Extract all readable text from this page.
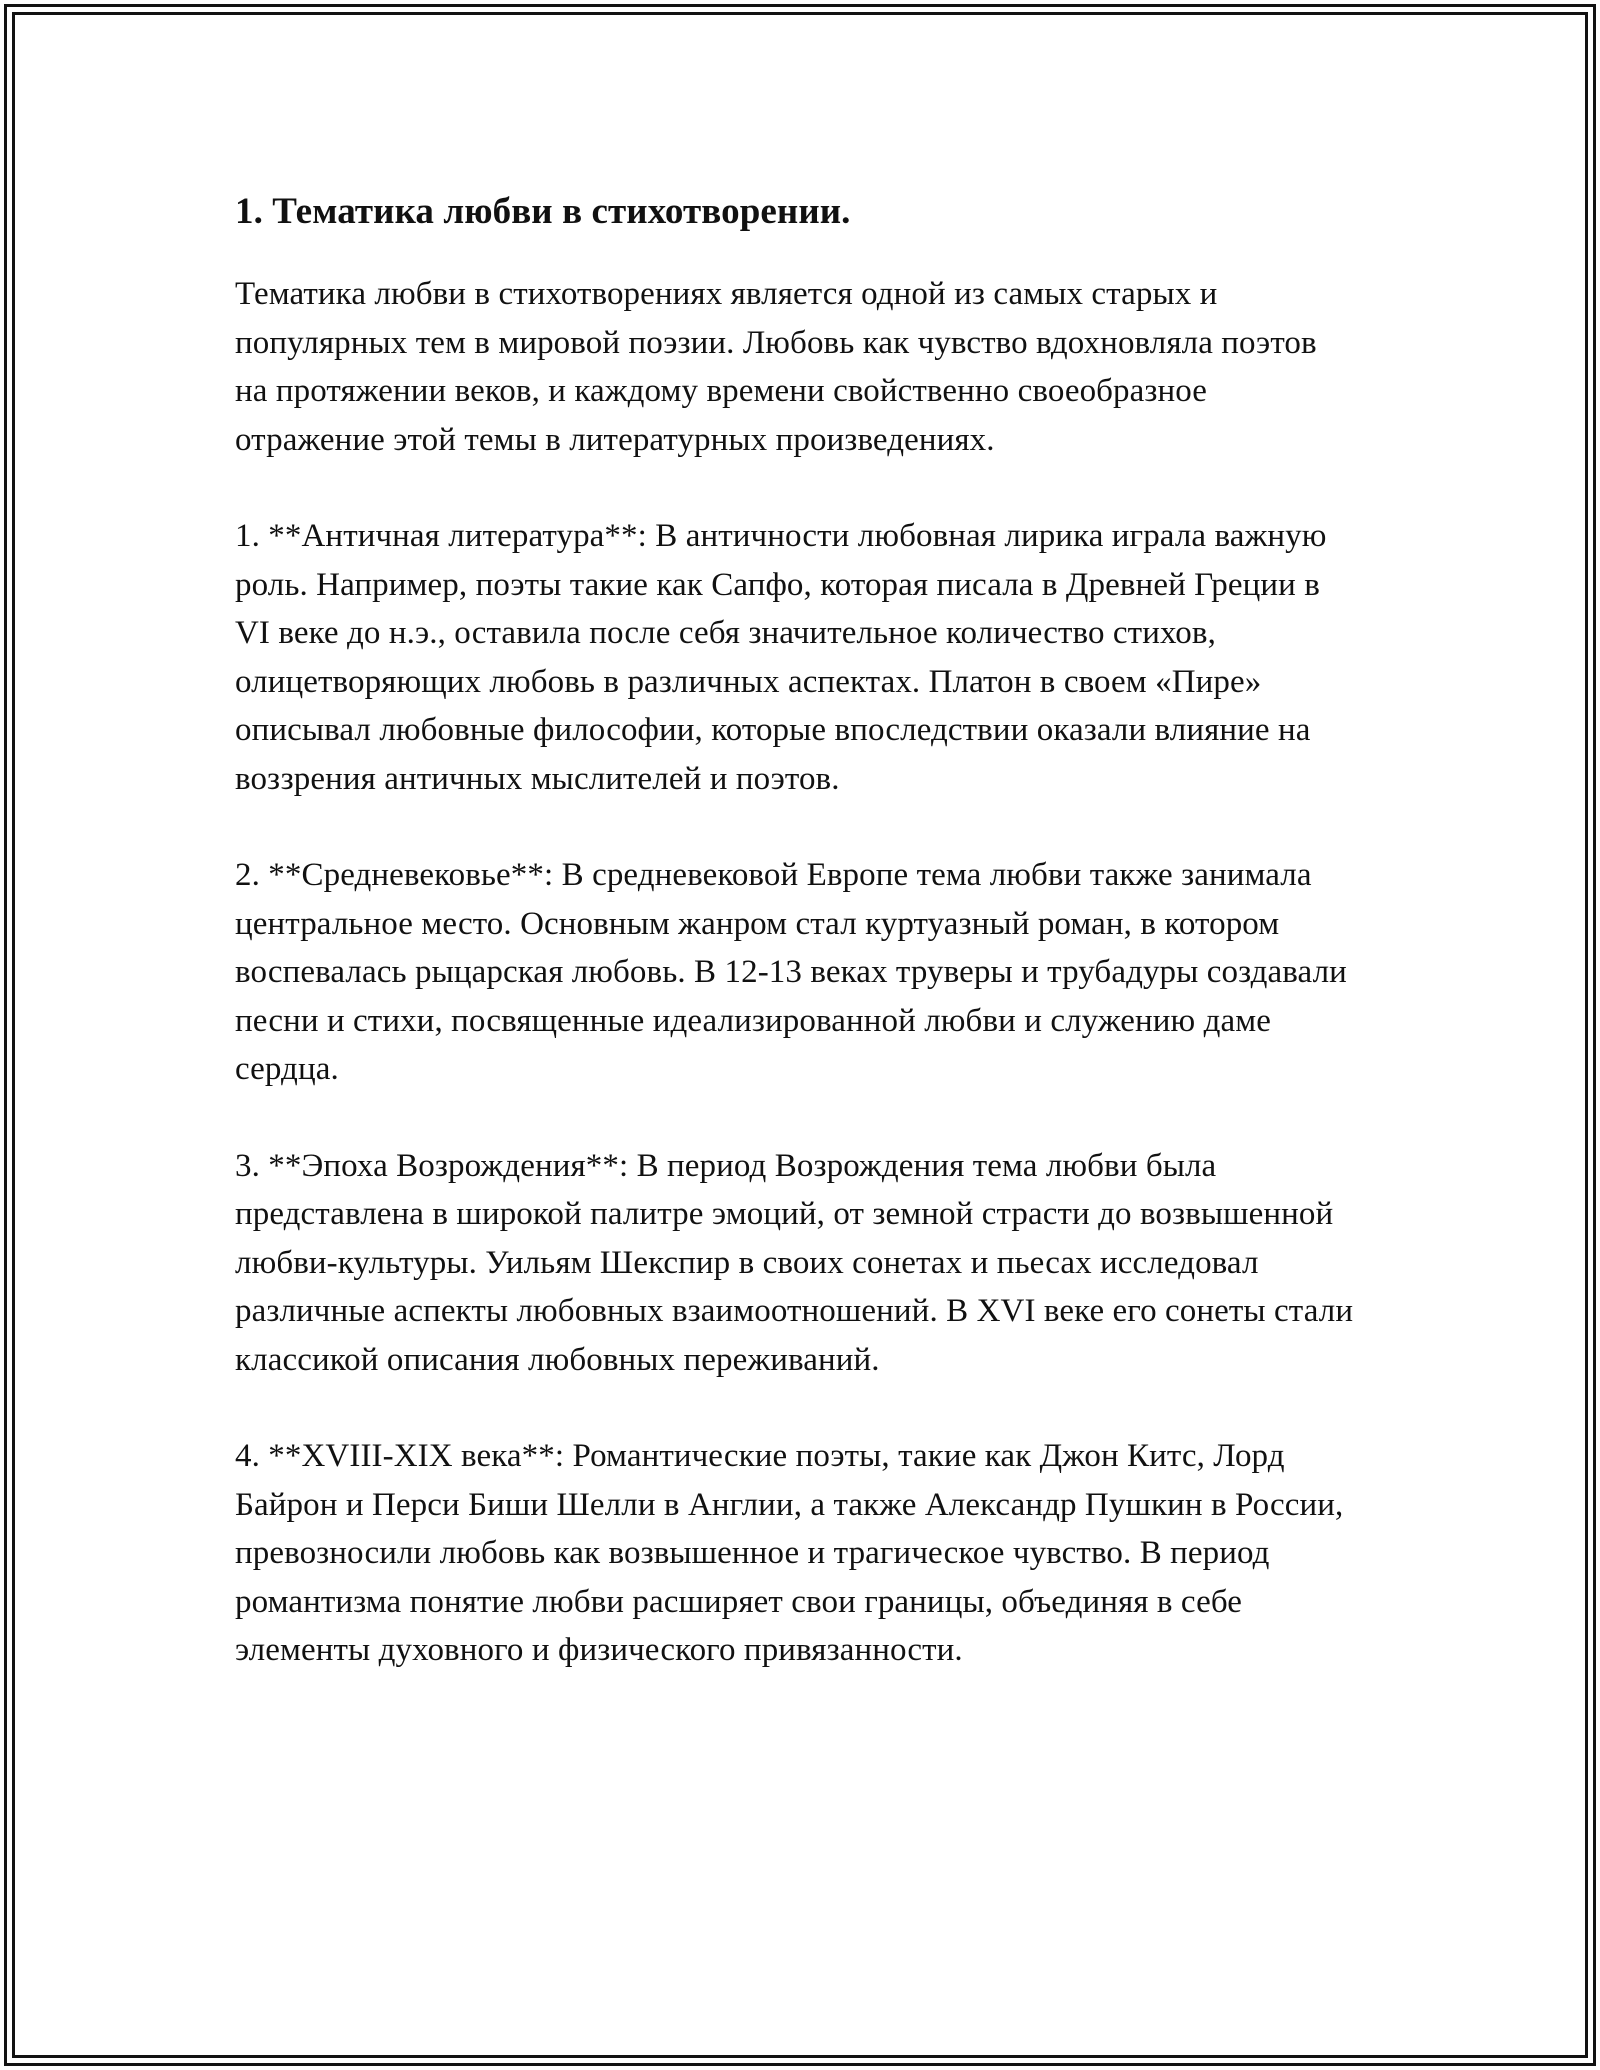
1. Тематика любви в стихотворении.

Тематика любви в стихотворениях является одной из самых старых и популярных тем в мировой поэзии. Любовь как чувство вдохновляла поэтов на протяжении веков, и каждому времени свойственно своеобразное отражение этой темы в литературных произведениях.

1. **Античная литература**: В античности любовная лирика играла важную роль. Например, поэты такие как Сапфо, которая писала в Древней Греции в VI веке до н.э., оставила после себя значительное количество стихов, олицетворяющих любовь в различных аспектах. Платон в своем «Пире» описывал любовные философии, которые впоследствии оказали влияние на воззрения античных мыслителей и поэтов.

2. **Средневековье**: В средневековой Европе тема любви также занимала центральное место. Основным жанром стал куртуазный роман, в котором воспевалась рыцарская любовь. В 12-13 веках труверы и трубадуры создавали песни и стихи, посвященные идеализированной любви и служению даме сердца.

3. **Эпоха Возрождения**: В период Возрождения тема любви была представлена в широкой палитре эмоций, от земной страсти до возвышенной любви-культуры. Уильям Шекспир в своих сонетах и пьесах исследовал различные аспекты любовных взаимоотношений. В XVI веке его сонеты стали классикой описания любовных переживаний.

4. **XVIII-XIX века**: Романтические поэты, такие как Джон Китс, Лорд Байрон и Перси Биши Шелли в Англии, а также Александр Пушкин в России, превозносили любовь как возвышенное и трагическое чувство. В период романтизма понятие любви расширяет свои границы, объединяя в себе элементы духовного и физического привязанности.
